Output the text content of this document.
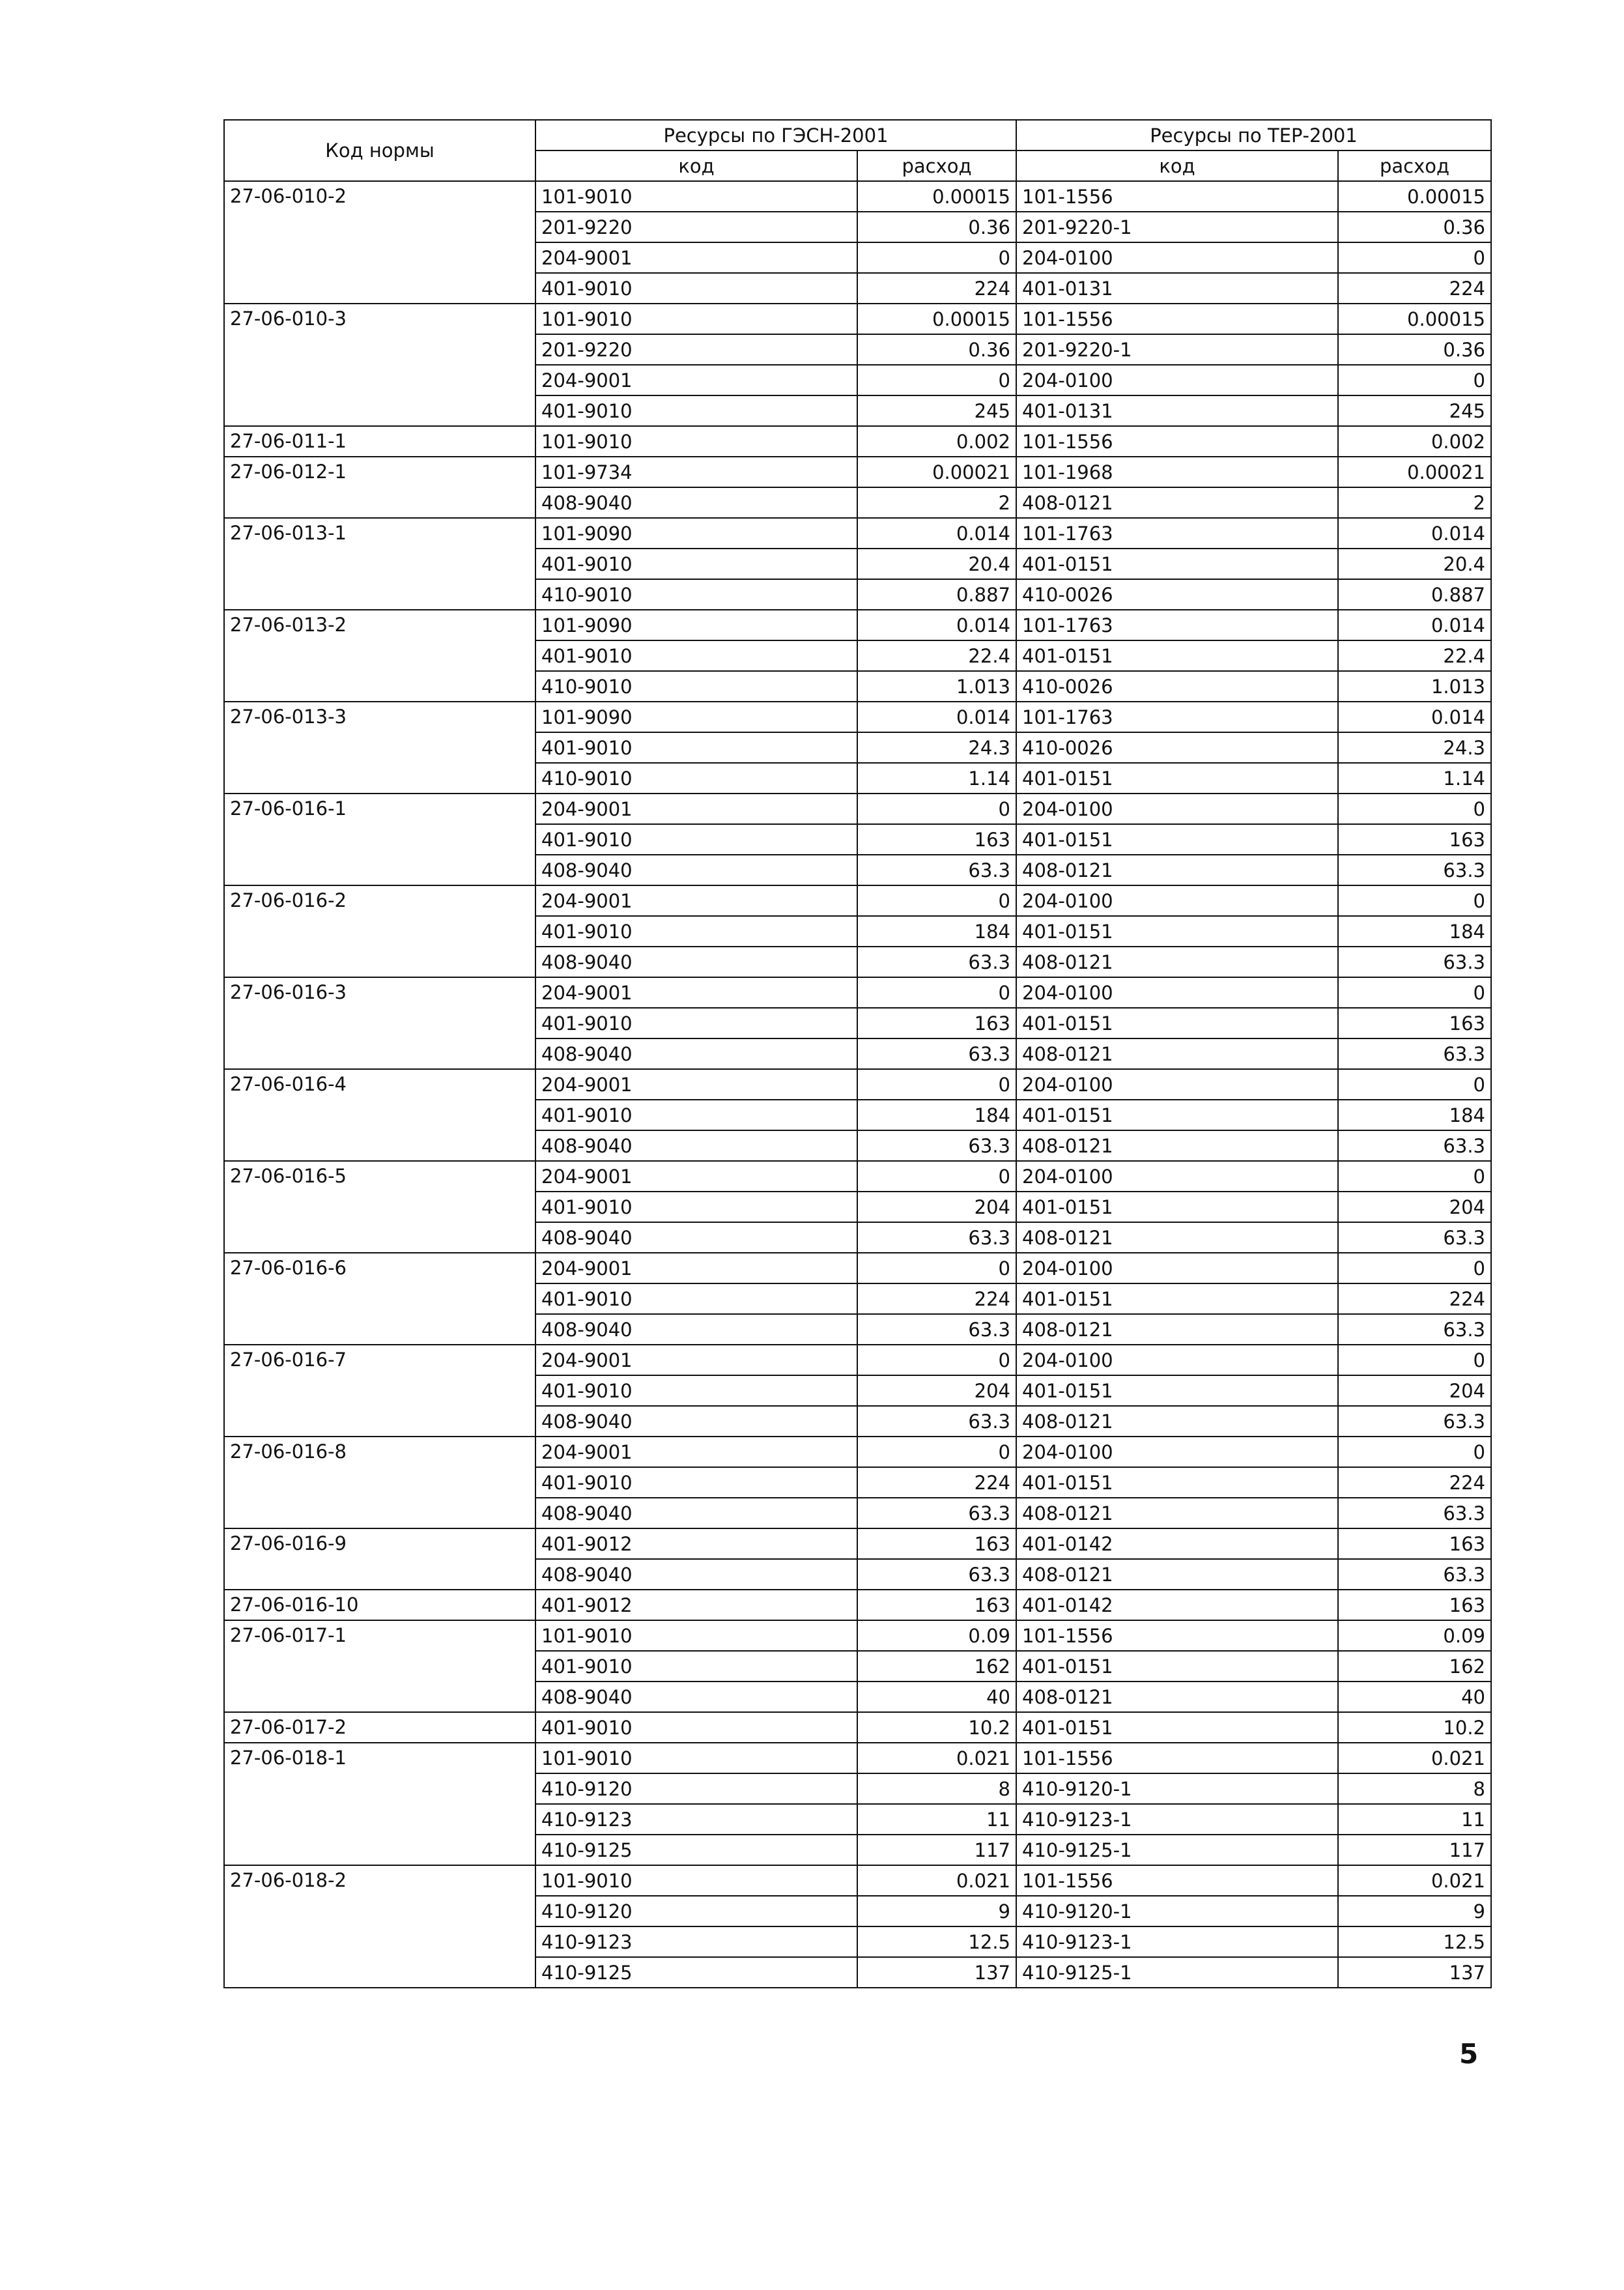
Код нормы	Ресурсы по ГЭСН-2001		Ресурсы по ТЕР-2001	
	код	расход	код	расход
27-06-010-2	101-9010	0.00015	101-1556	0.00015
	201-9220	0.36	201-9220-1	0.36
	204-9001	0	204-0100	0
	401-9010	224	401-0131	224
27-06-010-3	101-9010	0.00015	101-1556	0.00015
	201-9220	0.36	201-9220-1	0.36
	204-9001	0	204-0100	0
	401-9010	245	401-0131	245
27-06-011-1	101-9010	0.002	101-1556	0.002
27-06-012-1	101-9734	0.00021	101-1968	0.00021
	408-9040	2	408-0121	2
27-06-013-1	101-9090	0.014	101-1763	0.014
	401-9010	20.4	401-0151	20.4
	410-9010	0.887	410-0026	0.887
27-06-013-2	101-9090	0.014	101-1763	0.014
	401-9010	22.4	401-0151	22.4
	410-9010	1.013	410-0026	1.013
27-06-013-3	101-9090	0.014	101-1763	0.014
	401-9010	24.3	410-0026	24.3
	410-9010	1.14	401-0151	1.14
27-06-016-1	204-9001	0	204-0100	0
	401-9010	163	401-0151	163
	408-9040	63.3	408-0121	63.3
27-06-016-2	204-9001	0	204-0100	0
	401-9010	184	401-0151	184
	408-9040	63.3	408-0121	63.3
27-06-016-3	204-9001	0	204-0100	0
	401-9010	163	401-0151	163
	408-9040	63.3	408-0121	63.3
27-06-016-4	204-9001	0	204-0100	0
	401-9010	184	401-0151	184
	408-9040	63.3	408-0121	63.3
27-06-016-5	204-9001	0	204-0100	0
	401-9010	204	401-0151	204
	408-9040	63.3	408-0121	63.3
27-06-016-6	204-9001	0	204-0100	0
	401-9010	224	401-0151	224
	408-9040	63.3	408-0121	63.3
27-06-016-7	204-9001	0	204-0100	0
	401-9010	204	401-0151	204
	408-9040	63.3	408-0121	63.3
27-06-016-8	204-9001	0	204-0100	0
	401-9010	224	401-0151	224
	408-9040	63.3	408-0121	63.3
27-06-016-9	401-9012	163	401-0142	163
	408-9040	63.3	408-0121	63.3
27-06-016-10	401-9012	163	401-0142	163
27-06-017-1	101-9010	0.09	101-1556	0.09
	401-9010	162	401-0151	162
	408-9040	40	408-0121	40
27-06-017-2	401-9010	10.2	401-0151	10.2
27-06-018-1	101-9010	0.021	101-1556	0.021
	410-9120	8	410-9120-1	8
	410-9123	11	410-9123-1	11
	410-9125	117	410-9125-1	117
27-06-018-2	101-9010	0.021	101-1556	0.021
	410-9120	9	410-9120-1	9
	410-9123	12.5	410-9123-1	12.5
	410-9125	137	410-9125-1	137
5
